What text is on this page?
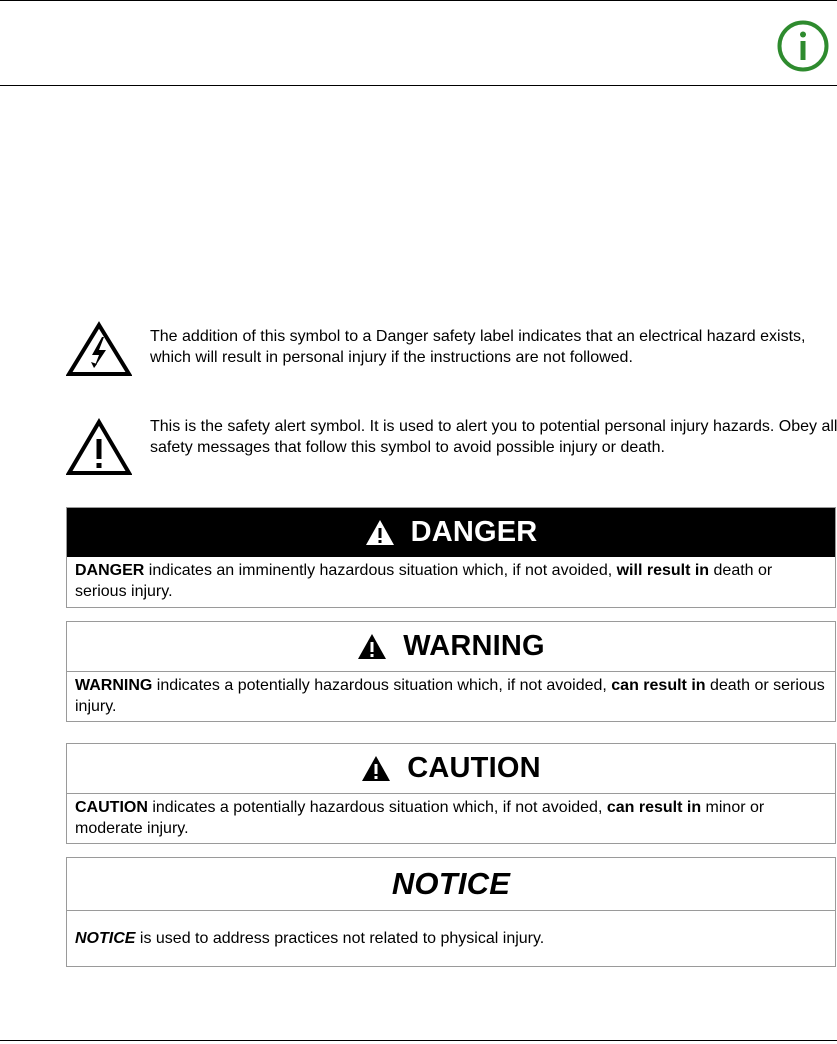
The addition of this symbol to a Danger safety label indicates that an electrical hazard exists, which will result in personal injury if the instructions are not followed.
This is the safety alert symbol. It is used to alert you to potential personal injury hazards. Obey all safety messages that follow this symbol to avoid possible injury or death.
DANGER
DANGER indicates an imminently hazardous situation which, if not avoided, will result in death or serious injury.
WARNING
WARNING indicates a potentially hazardous situation which, if not avoided, can result in death or serious injury.
CAUTION
CAUTION indicates a potentially hazardous situation which, if not avoided, can result in minor or moderate injury.
NOTICE
NOTICE is used to address practices not related to physical injury.
